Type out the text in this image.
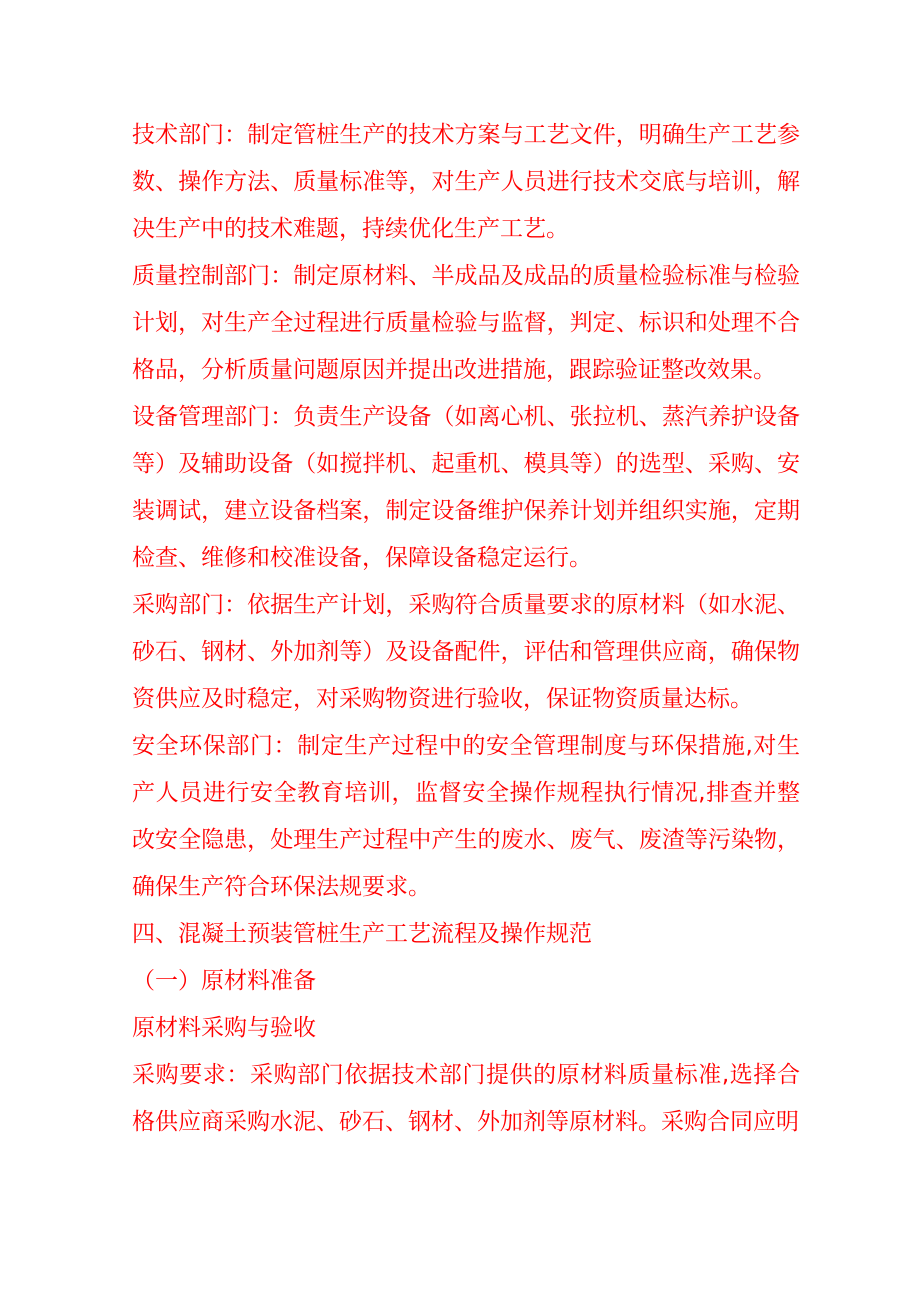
技术部门：制定管桩生产的技术方案与工艺文件，明确生产工艺参数、操作方法、质量标准等，对生产人员进行技术交底与培训，解决生产中的技术难题，持续优化生产工艺。

质量控制部门：制定原材料、半成品及成品的质量检验标准与检验计划，对生产全过程进行质量检验与监督，判定、标识和处理不合格品，分析质量问题原因并提出改进措施，跟踪验证整改效果。

设备管理部门：负责生产设备（如离心机、张拉机、蒸汽养护设备等）及辅助设备（如搅拌机、起重机、模具等）的选型、采购、安装调试，建立设备档案，制定设备维护保养计划并组织实施，定期检查、维修和校准设备，保障设备稳定运行。

采购部门：依据生产计划，采购符合质量要求的原材料（如水泥、砂石、钢材、外加剂等）及设备配件，评估和管理供应商，确保物资供应及时稳定，对采购物资进行验收，保证物资质量达标。

安全环保部门：制定生产过程中的安全管理制度与环保措施,对生产人员进行安全教育培训，监督安全操作规程执行情况,排查并整改安全隐患，处理生产过程中产生的废水、废气、废渣等污染物，确保生产符合环保法规要求。

四、混凝土预装管桩生产工艺流程及操作规范

（一）原材料准备

原材料采购与验收

采购要求：采购部门依据技术部门提供的原材料质量标准,选择合格供应商采购水泥、砂石、钢材、外加剂等原材料。采购合同应明
